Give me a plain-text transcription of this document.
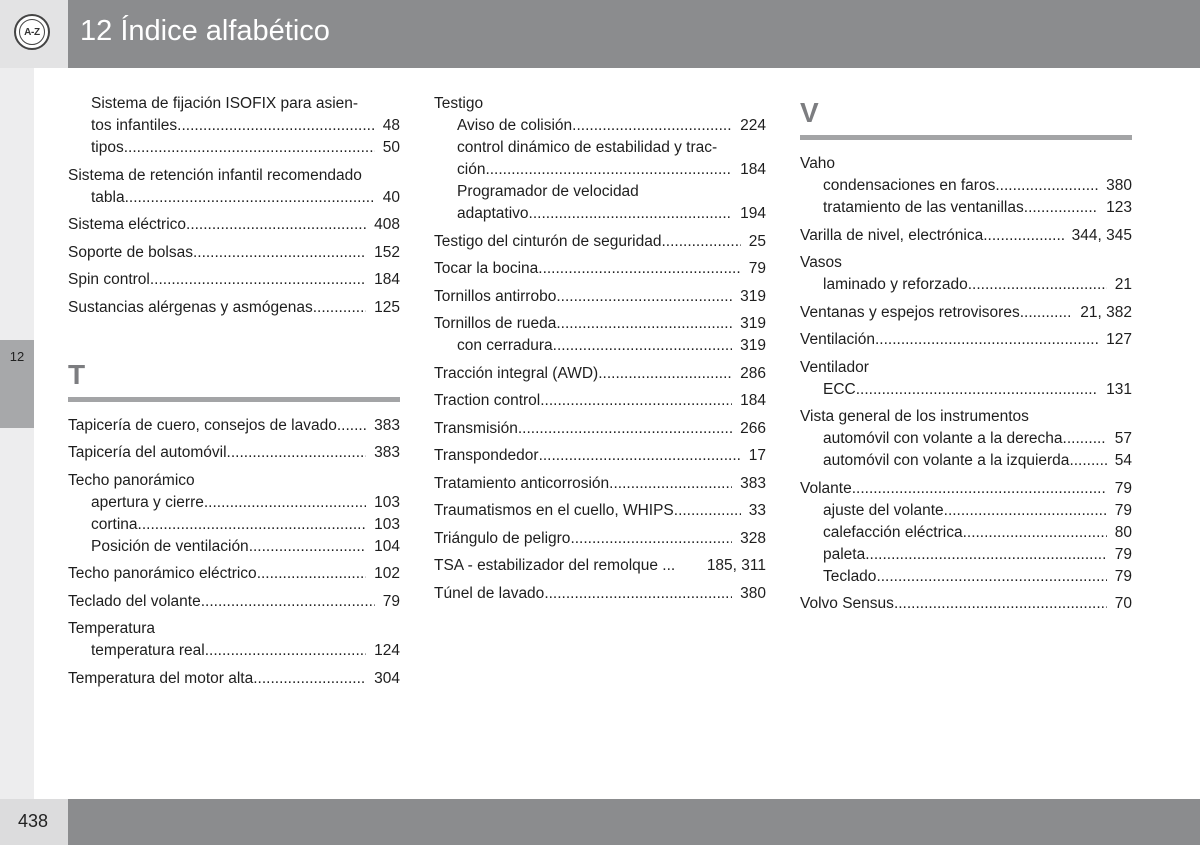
A-Z 12 Índice alfabético
12
Sistema de fijación ISOFIX para asien-
tos infantiles .....	48
tipos .....	50
Sistema de retención infantil recomendado
tabla .....	40
Sistema eléctrico .....	408
Soporte de bolsas .....	152
Spin control .....	184
Sustancias alérgenas y asmógenas .....	125
T
Tapicería de cuero, consejos de lavado .....	383
Tapicería del automóvil .....	383
Techo panorámico
apertura y cierre .....	103
cortina .....	103
Posición de ventilación .....	104
Techo panorámico eléctrico .....	102
Teclado del volante .....	79
Temperatura
temperatura real .....	124
Temperatura del motor alta .....	304
Testigo
Aviso de colisión .....	224
control dinámico de estabilidad y trac-
ción .....	184
Programador de velocidad
adaptativo .....	194
Testigo del cinturón de seguridad .....	25
Tocar la bocina .....	79
Tornillos antirrobo .....	319
Tornillos de rueda .....	319
con cerradura .....	319
Tracción integral (AWD) .....	286
Traction control .....	184
Transmisión .....	266
Transpondedor .....	17
Tratamiento anticorrosión .....	383
Traumatismos en el cuello, WHIPS .....	33
Triángulo de peligro .....	328
TSA - estabilizador del remolque ...	185, 311
Túnel de lavado .....	380
V
Vaho
condensaciones en faros .....	380
tratamiento de las ventanillas .....	123
Varilla de nivel, electrónica .....	344, 345
Vasos
laminado y reforzado .....	21
Ventanas y espejos retrovisores .....	21, 382
Ventilación .....	127
Ventilador
ECC .....	131
Vista general de los instrumentos
automóvil con volante a la derecha .....	57
automóvil con volante a la izquierda .....	54
Volante .....	79
ajuste del volante .....	79
calefacción eléctrica .....	80
paleta .....	79
Teclado .....	79
Volvo Sensus .....	70
438
